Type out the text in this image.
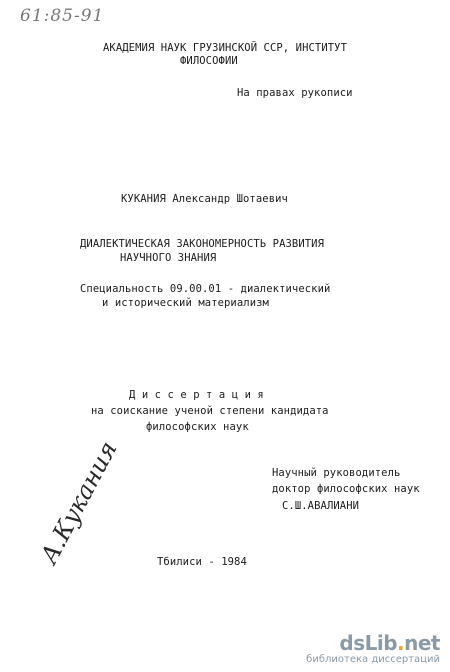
61:85-91
АКАДЕМИЯ НАУК ГРУЗИНСКОЙ ССР, ИНСТИТУТ
ФИЛОСОФИИ
На правах рукописи
КУКАНИЯ Александр Шотаевич
ДИАЛЕКТИЧЕСКАЯ ЗАКОНОМЕРНОСТЬ РАЗВИТИЯ
НАУЧНОГО ЗНАНИЯ
Специальность 09.00.01 - диалектический
и исторический материализм
Д и с с е р т а ц и я
на соискание ученой степени кандидата
философских наук
Научный руководитель
доктор философских наук
С.Ш.АВАЛИАНИ
А.Кукания	Тбилиси - 1984
dsLib.net
библиотека диссертаций
